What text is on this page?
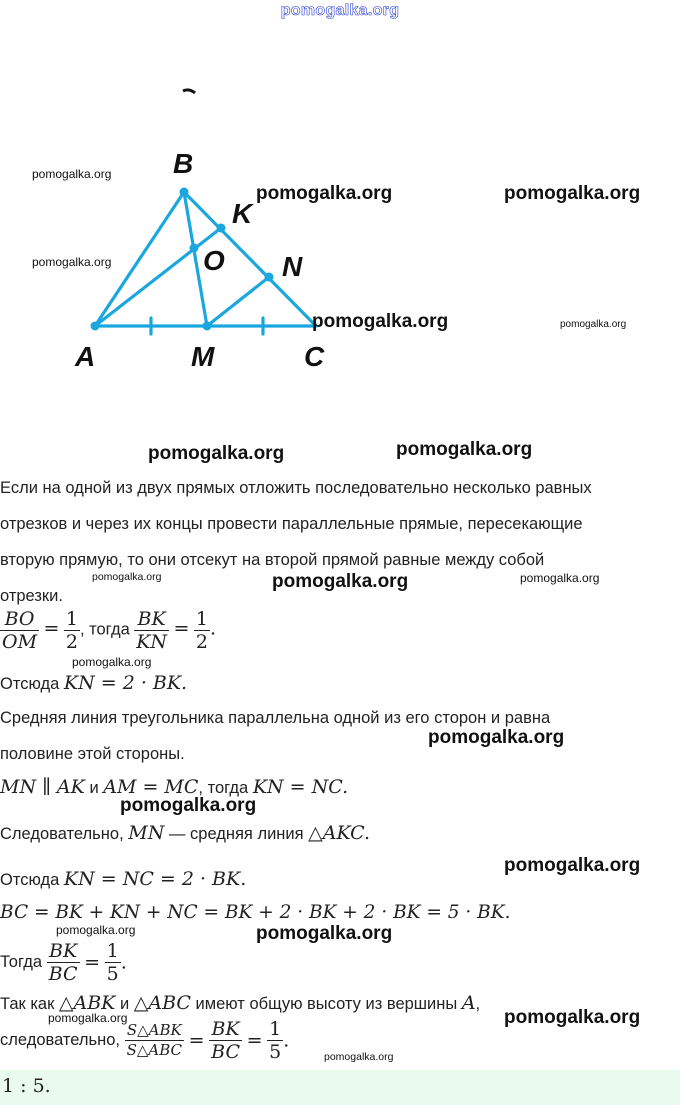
pomogalka.org
B
K
O N
A	M	C
pomogalka.org
pomogalka.org	pomogalka.org
pomogalka.org
pomogalka.org	pomogalka.org
pomogalka.org	pomogalka.org
pomogalka.org	pomogalka.org	pomogalka.org
pomogalka.org
pomogalka.org
pomogalka.org
pomogalka.org
pomogalka.org	pomogalka.org
pomogalka.org	pomogalka.org
pomogalka.org
Если на одной из двух прямых отложить последовательно несколько равных
отрезков и через их концы провести параллельные прямые, пересекающие
вторую прямую, то они отсекут на второй прямой равные между собой
отрезки.
$\frac{BO}{OM} = \frac{1}{2}$ , тогда $\frac{BK}{KN} = \frac{1}{2}$ .
Отсюда KN = 2 · BK.
Средняя линия треугольника параллельна одной из его сторон и равна
половине этой стороны.
MN ∥ AK и AM = MC, тогда KN = NC.
Следовательно, MN — средняя линия △AKC.
Отсюда KN = NC = 2 · BK.
BC = BK + KN + NC = BK + 2 · BK + 2 · BK = 5 · BK.
Тогда $\frac{BK}{BC} = \frac{1}{5}$ .
Так как △ABK и △ABC имеют общую высоту из вершины A,
следовательно, $\frac{\text{S△ABK}}{\text{S△ABC}} = \frac{BK}{BC} = \frac{1}{5}$ .
1 : 5.
